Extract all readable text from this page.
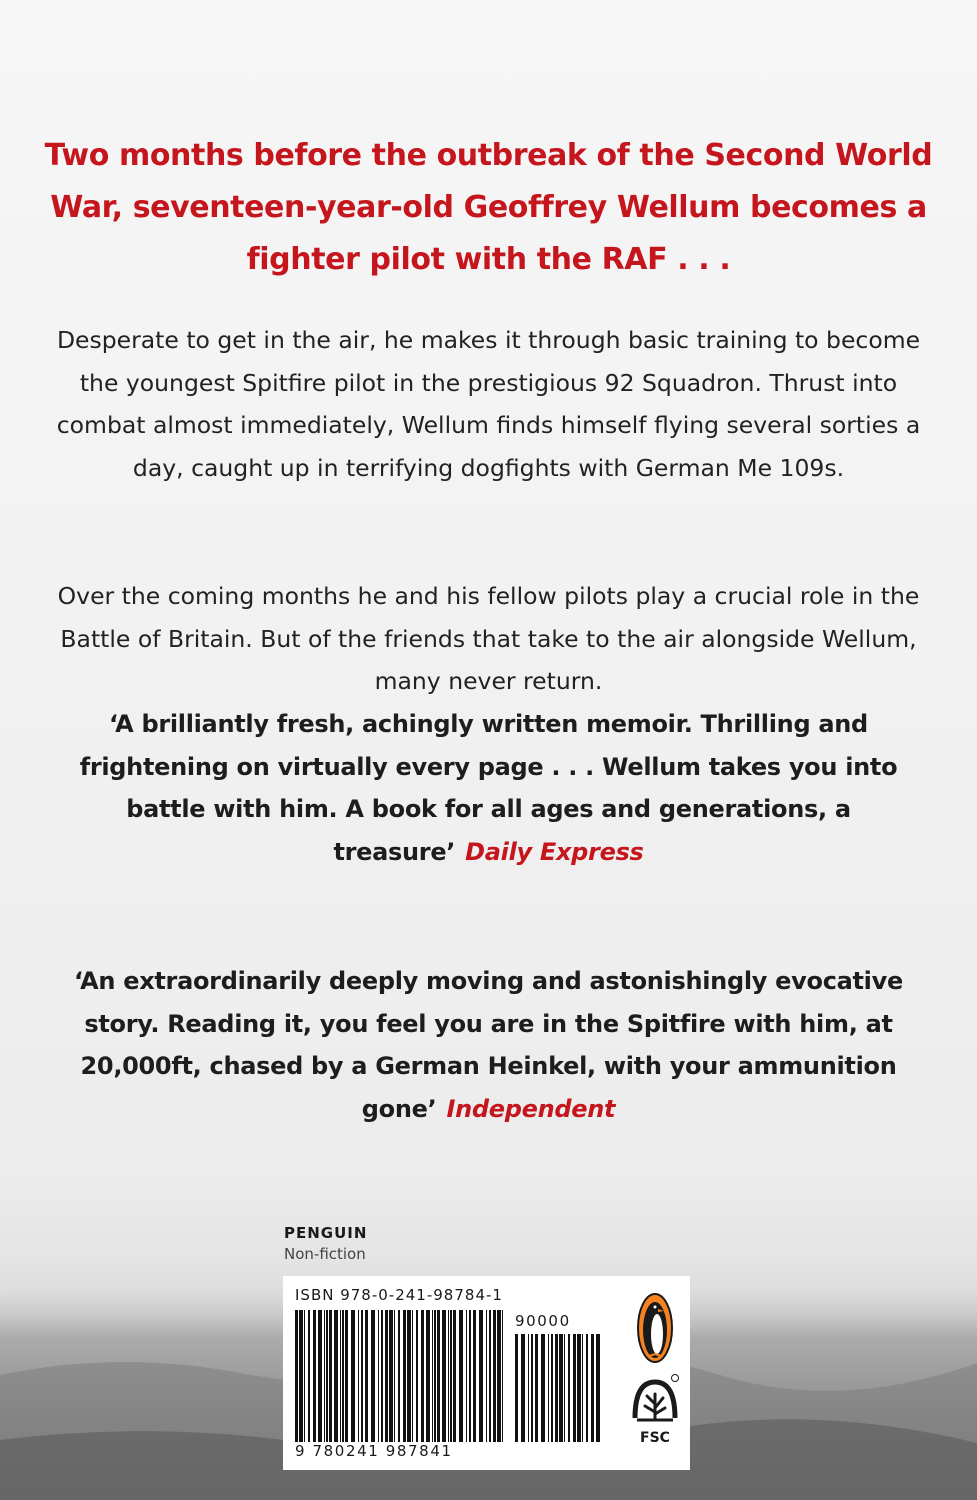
Two months before the outbreak of the Second World War, seventeen-year-old Geoffrey Wellum becomes a fighter pilot with the RAF . . .
Desperate to get in the air, he makes it through basic training to become the youngest Spitfire pilot in the prestigious 92 Squadron. Thrust into combat almost immediately, Wellum finds himself flying several sorties a day, caught up in terrifying dogfights with German Me 109s.
Over the coming months he and his fellow pilots play a crucial role in the Battle of Britain. But of the friends that take to the air alongside Wellum, many never return.
‘A brilliantly fresh, achingly written memoir. Thrilling and frightening on virtually every page . . . Wellum takes you into battle with him. A book for all ages and generations, a treasure’ Daily Express
‘An extraordinarily deeply moving and astonishingly evocative story. Reading it, you feel you are in the Spitfire with him, at 20,000ft, chased by a German Heinkel, with your ammunition gone’ Independent
PENGUIN
Non-fiction
ISBN 978-0-241-98784-1
9 780241 987841
90000
FSC
